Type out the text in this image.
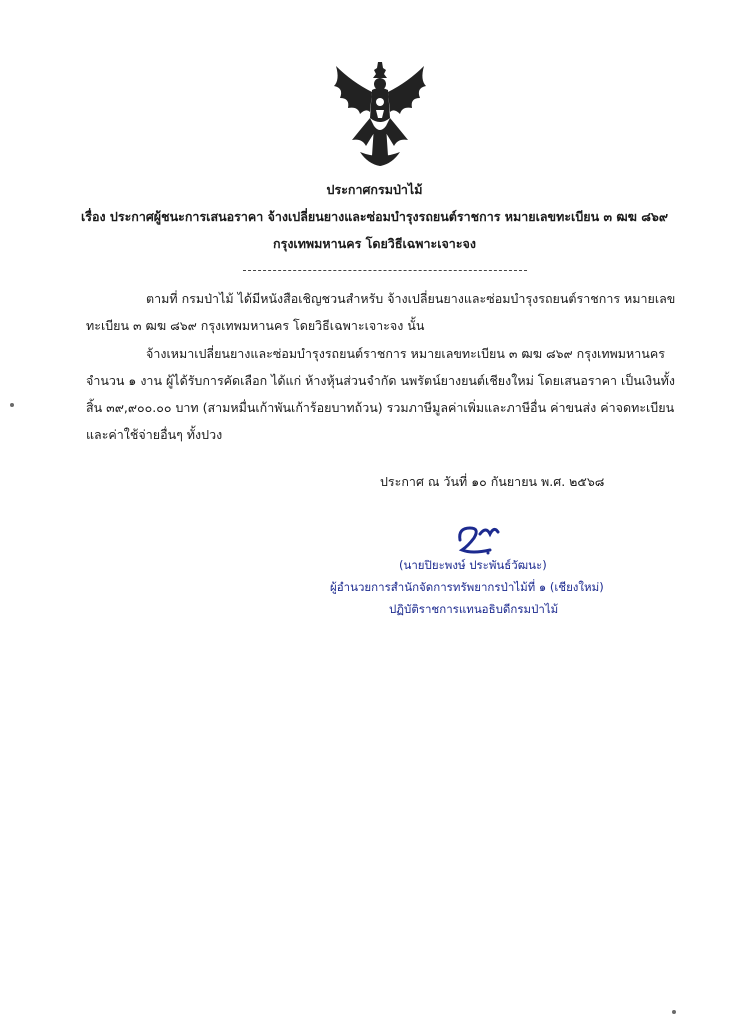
ประกาศกรมป่าไม้
เรื่อง ประกาศผู้ชนะการเสนอราคา จ้างเปลี่ยนยางและซ่อมบำรุงรถยนต์ราชการ หมายเลขทะเบียน ๓ ฒฆ ๘๖๙
กรุงเทพมหานคร โดยวิธีเฉพาะเจาะจง
ตามที่ กรมป่าไม้ ได้มีหนังสือเชิญชวนสำหรับ จ้างเปลี่ยนยางและซ่อมบำรุงรถยนต์ราชการ หมายเลข
ทะเบียน ๓ ฒฆ ๘๖๙ กรุงเทพมหานคร โดยวิธีเฉพาะเจาะจง นั้น
จ้างเหมาเปลี่ยนยางและซ่อมบำรุงรถยนต์ราชการ หมายเลขทะเบียน ๓ ฒฆ ๘๖๙ กรุงเทพมหานคร
จำนวน ๑ งาน ผู้ได้รับการคัดเลือก ได้แก่ ห้างหุ้นส่วนจำกัด นพรัตน์ยางยนต์เชียงใหม่ โดยเสนอราคา เป็นเงินทั้ง
สิ้น ๓๙,๙๐๐.๐๐ บาท (สามหมื่นเก้าพันเก้าร้อยบาทถ้วน) รวมภาษีมูลค่าเพิ่มและภาษีอื่น ค่าขนส่ง ค่าจดทะเบียน
และค่าใช้จ่ายอื่นๆ ทั้งปวง
ประกาศ ณ วันที่ ๑๐ กันยายน พ.ศ. ๒๕๖๘
(นายปิยะพงษ์ ประพันธ์วัฒนะ)
ผู้อำนวยการสำนักจัดการทรัพยากรป่าไม้ที่ ๑ (เชียงใหม่)
ปฏิบัติราชการแทนอธิบดีกรมป่าไม้
